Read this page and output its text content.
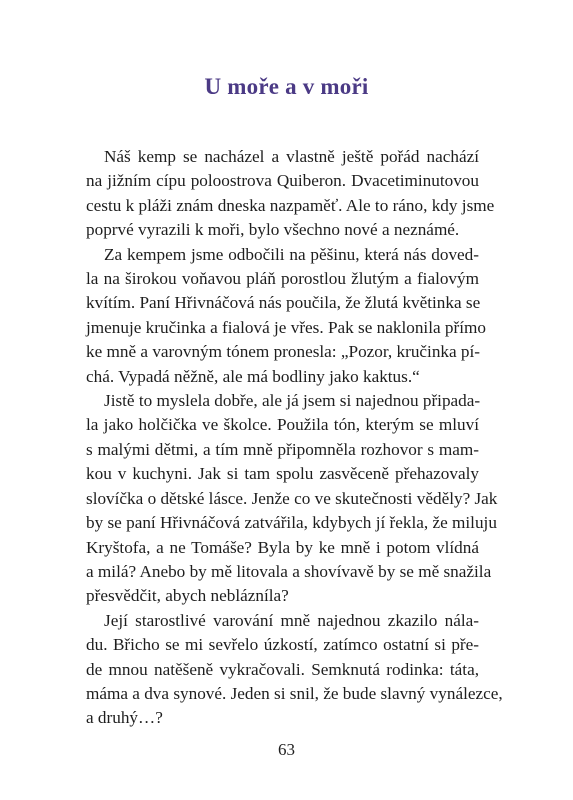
U moře a v moři

Náš kemp se nacházel a vlastně ještě pořád nachází
na jižním cípu poloostrova Quiberon. Dvacetiminutovou
cestu k pláži znám dneska nazpaměť. Ale to ráno, kdy jsme
poprvé vyrazili k moři, bylo všechno nové a neznámé.

Za kempem jsme odbočili na pěšinu, která nás doved-
la na širokou voňavou pláň porostlou žlutým a fialovým
kvítím. Paní Hřivnáčová nás poučila, že žlutá květinka se
jmenuje kručinka a fialová je vřes. Pak se naklonila přímo
ke mně a varovným tónem pronesla: „Pozor, kručinka pí-
chá. Vypadá něžně, ale má bodliny jako kaktus.“

Jistě to myslela dobře, ale já jsem si najednou připada-
la jako holčička ve školce. Použila tón, kterým se mluví
s malými dětmi, a tím mně připomněla rozhovor s mam-
kou v kuchyni. Jak si tam spolu zasvěceně přehazovaly
slovíčka o dětské lásce. Jenže co ve skutečnosti věděly? Jak
by se paní Hřivnáčová zatvářila, kdybych jí řekla, že miluju
Kryštofa, a ne Tomáše? Byla by ke mně i potom vlídná
a milá? Anebo by mě litovala a shovívavě by se mě snažila
přesvědčit, abych neblázníla?

Její starostlivé varování mně najednou zkazilo nála-
du. Břicho se mi sevřelo úzkostí, zatímco ostatní si pře-
de mnou natěšeně vykračovali. Semknutá rodinka: táta,
máma a dva synové. Jeden si snil, že bude slavný vynálezce,
a druhý…?

63
